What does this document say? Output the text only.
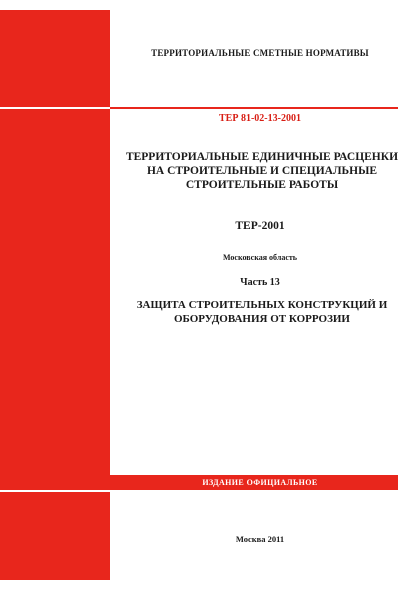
ТЕРРИТОРИАЛЬНЫЕ СМЕТНЫЕ НОРМАТИВЫ
ТЕР 81-02-13-2001
ТЕРРИТОРИАЛЬНЫЕ ЕДИНИЧНЫЕ РАСЦЕНКИ
НА СТРОИТЕЛЬНЫЕ И СПЕЦИАЛЬНЫЕ
СТРОИТЕЛЬНЫЕ РАБОТЫ
ТЕР-2001
Московская область
Часть 13
ЗАЩИТА СТРОИТЕЛЬНЫХ КОНСТРУКЦИЙ И
ОБОРУДОВАНИЯ ОТ КОРРОЗИИ
ИЗДАНИЕ ОФИЦИАЛЬНОЕ
Москва 2011
